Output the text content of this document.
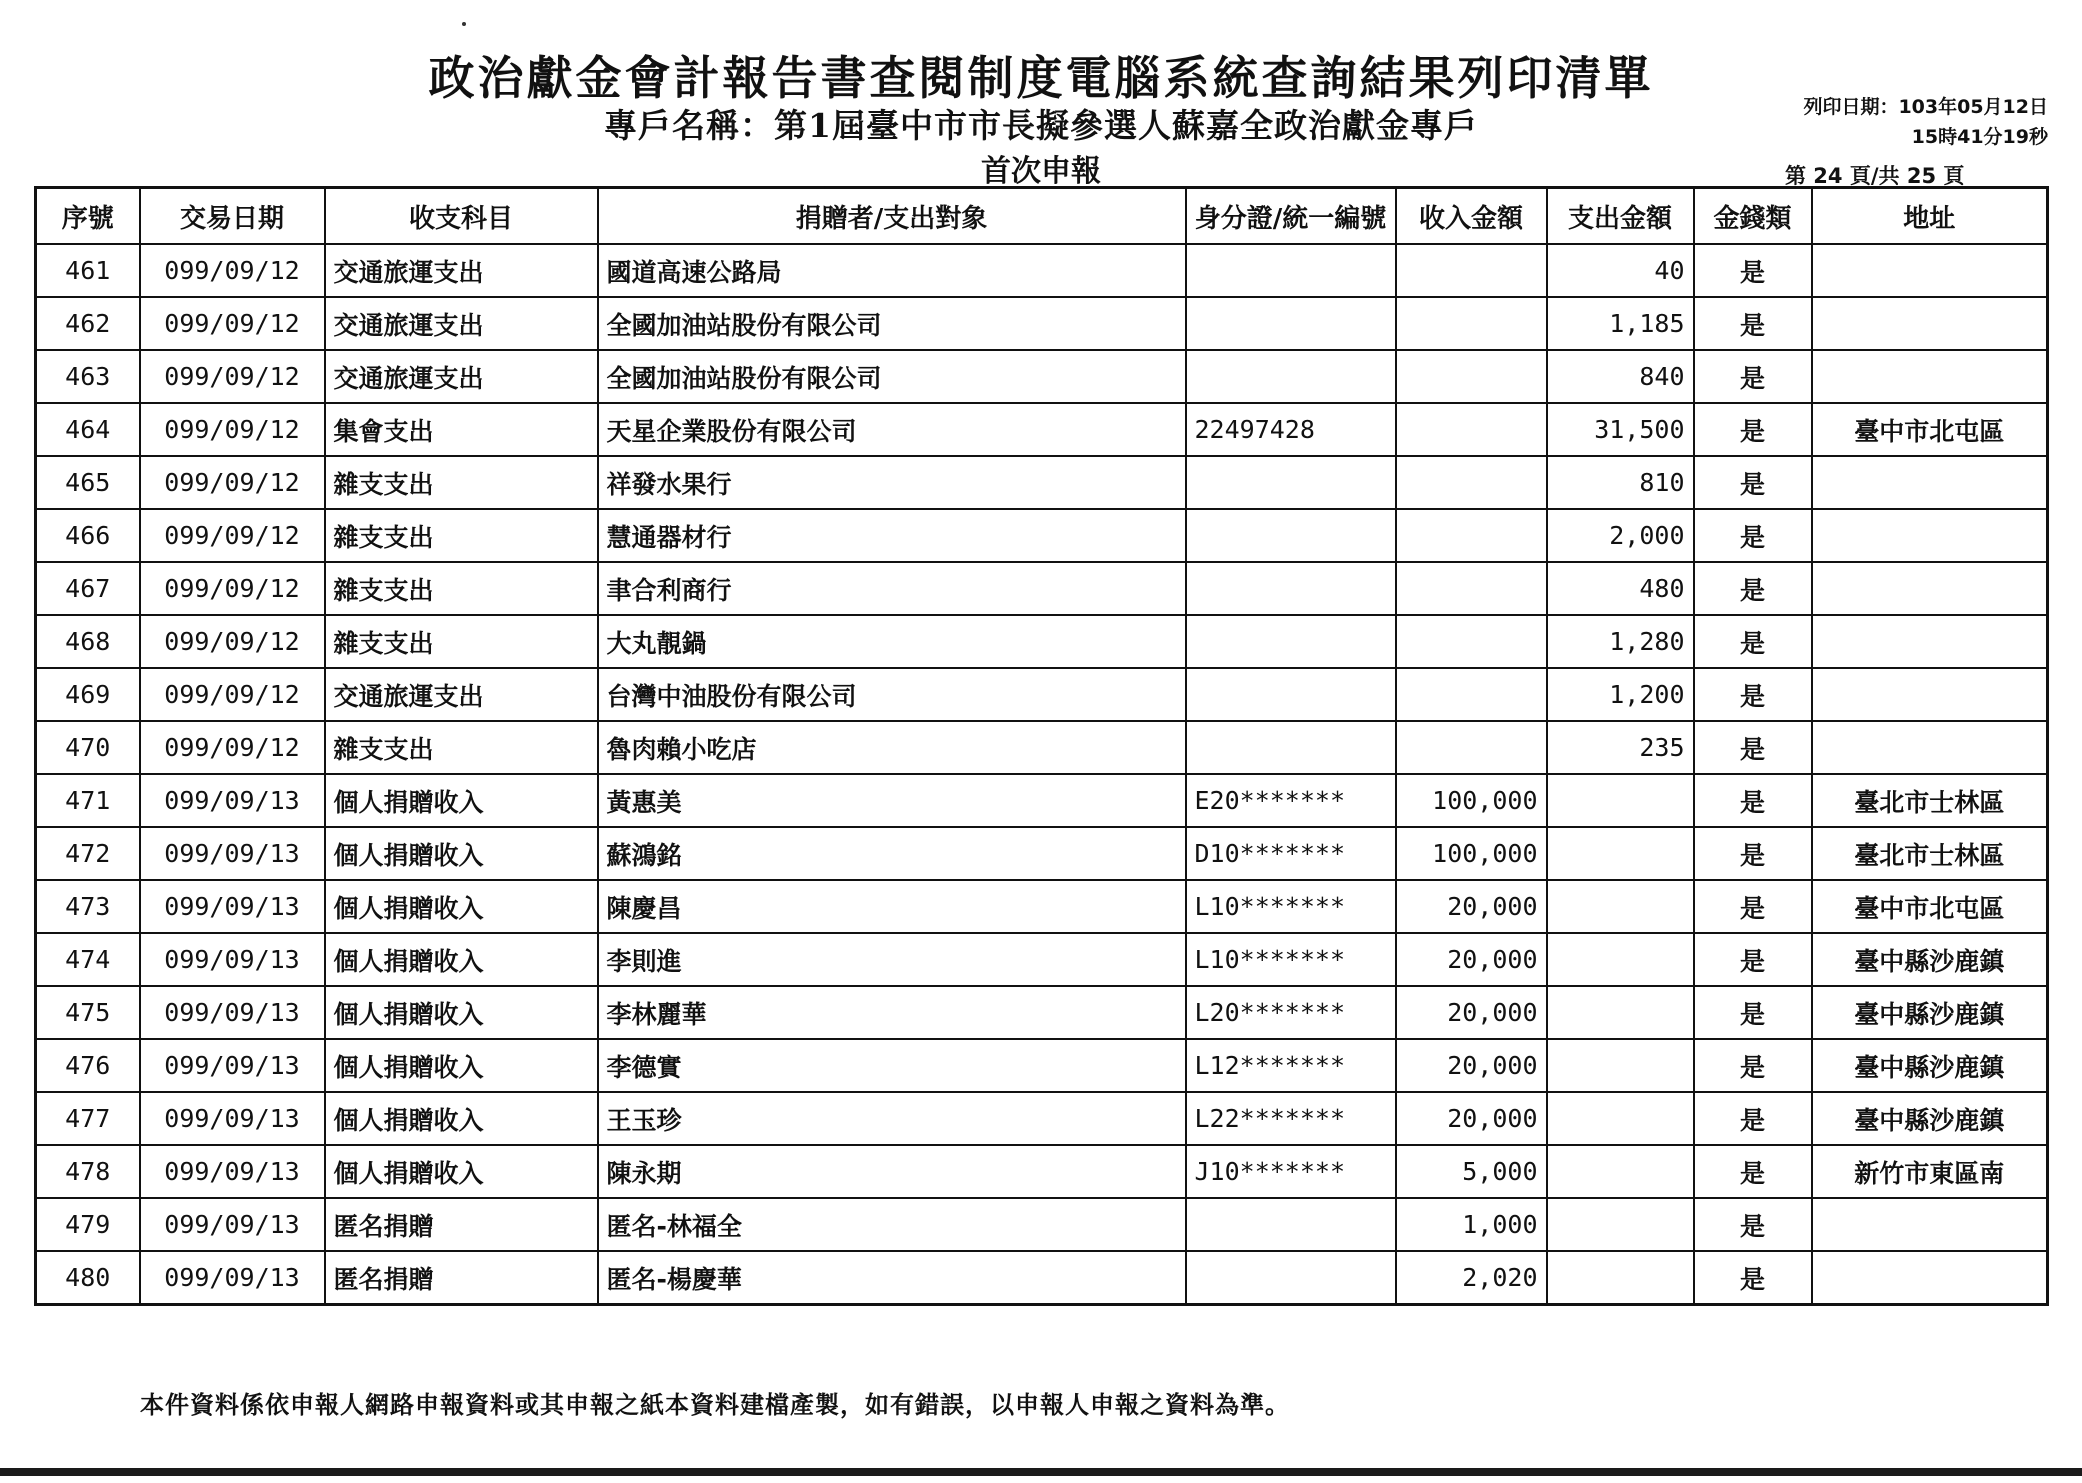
政治獻金會計報告書查閱制度電腦系統查詢結果列印清單
專戶名稱：第1屆臺中市市長擬參選人蘇嘉全政治獻金專戶
首次申報
列印日期：103年05月12日
15時41分19秒
第 24 頁/共 25 頁
序號	交易日期	收支科目	捐贈者/支出對象	身分證/統一編號	收入金額	支出金額	金錢類	地址
461	099/09/12	交通旅運支出	國道高速公路局			40	是	
462	099/09/12	交通旅運支出	全國加油站股份有限公司			1,185	是	
463	099/09/12	交通旅運支出	全國加油站股份有限公司			840	是	
464	099/09/12	集會支出	天星企業股份有限公司	22497428		31,500	是	臺中市北屯區
465	099/09/12	雜支支出	祥發水果行			810	是	
466	099/09/12	雜支支出	慧通器材行			2,000	是	
467	099/09/12	雜支支出	聿合利商行			480	是	
468	099/09/12	雜支支出	大丸靚鍋			1,280	是	
469	099/09/12	交通旅運支出	台灣中油股份有限公司			1,200	是	
470	099/09/12	雜支支出	魯肉賴小吃店			235	是	
471	099/09/13	個人捐贈收入	黃惠美	E20*******	100,000		是	臺北市士林區
472	099/09/13	個人捐贈收入	蘇鴻銘	D10*******	100,000		是	臺北市士林區
473	099/09/13	個人捐贈收入	陳慶昌	L10*******	20,000		是	臺中市北屯區
474	099/09/13	個人捐贈收入	李則進	L10*******	20,000		是	臺中縣沙鹿鎮
475	099/09/13	個人捐贈收入	李林麗華	L20*******	20,000		是	臺中縣沙鹿鎮
476	099/09/13	個人捐贈收入	李德實	L12*******	20,000		是	臺中縣沙鹿鎮
477	099/09/13	個人捐贈收入	王玉珍	L22*******	20,000		是	臺中縣沙鹿鎮
478	099/09/13	個人捐贈收入	陳永期	J10*******	5,000		是	新竹市東區南
479	099/09/13	匿名捐贈	匿名-林福全		1,000		是	
480	099/09/13	匿名捐贈	匿名-楊慶華		2,020		是	
本件資料係依申報人網路申報資料或其申報之紙本資料建檔產製，如有錯誤，以申報人申報之資料為準。
